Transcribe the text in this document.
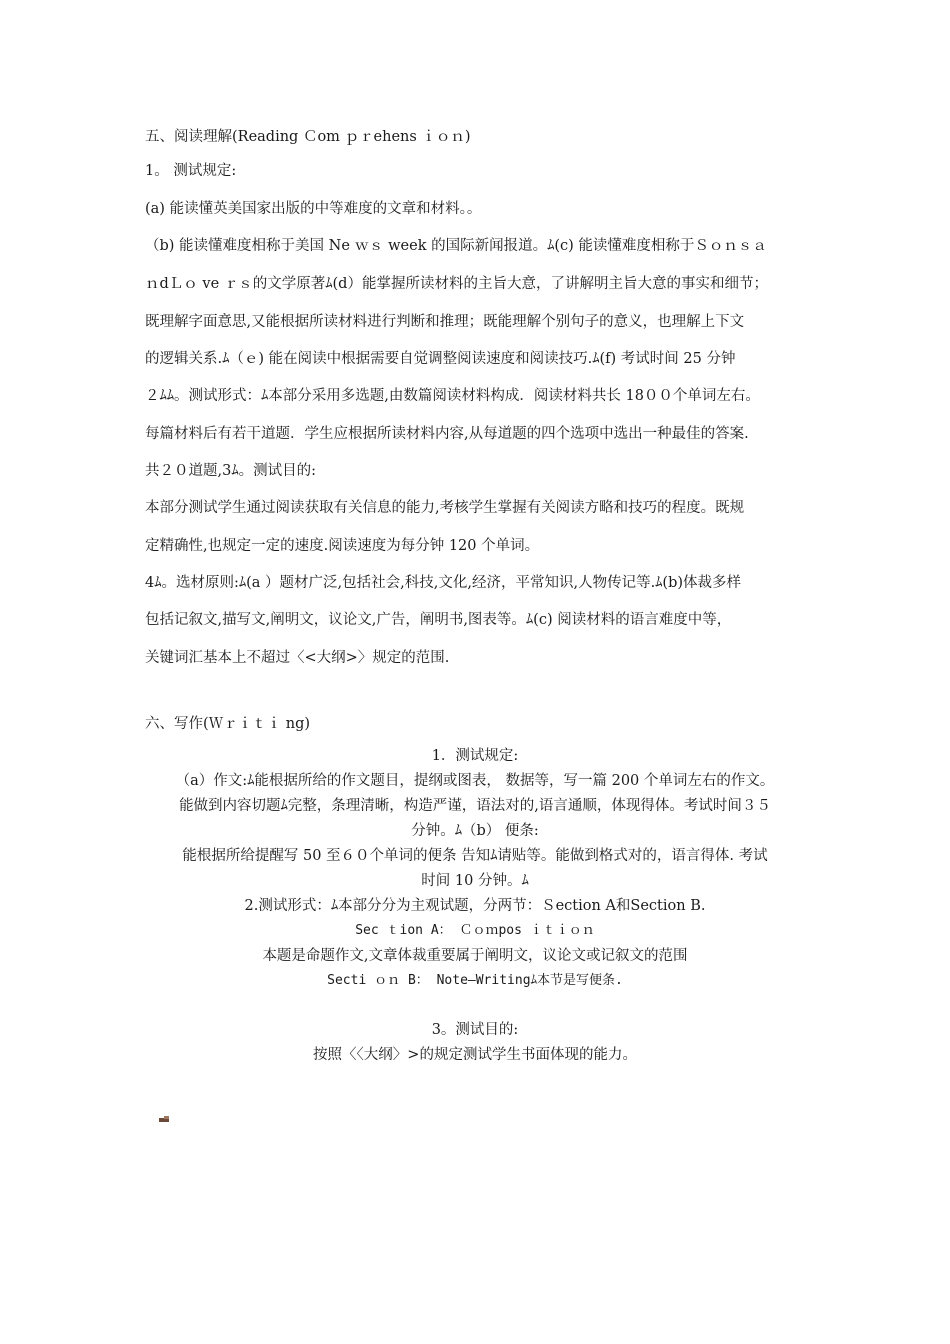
五、阅读理解(Reading Ｃom ｐｒehens ｉｏｎ)
1。 测试规定:
(a) 能读懂英美国家出版的中等难度的文章和材料。。
（b) 能读懂难度相称于美国 Ne ｗｓ week 的国际新闻报道。ﾑ(c) 能读懂难度相称于Ｓｏｎｓａ
ｎdＬｏ ve ｒｓ的文学原著ﾑ(d）能掌握所读材料的主旨大意，了讲解明主旨大意的事实和细节；
既理解字面意思,又能根据所读材料进行判断和推理；既能理解个别句子的意义，也理解上下文
的逻辑关系.ﾑ（ｅ) 能在阅读中根据需要自觉调整阅读速度和阅读技巧.ﾑ(f) 考试时间 25 分钟
２ﾑﾑ。测试形式：ﾑ本部分采用多选题,由数篇阅读材料构成．阅读材料共长 18００个单词左右。
每篇材料后有若干道题．学生应根据所读材料内容,从每道题的四个选项中选出一种最佳的答案.
共２０道题,3ﾑ。测试目的:
本部分测试学生通过阅读获取有关信息的能力,考核学生掌握有关阅读方略和技巧的程度。既规
定精确性,也规定一定的速度.阅读速度为每分钟 120 个单词。
4ﾑ。选材原则:ﾑ(a ）题材广泛,包括社会,科技,文化,经济，平常知识,人物传记等.ﾑ(b)体裁多样
包括记叙文,描写文,阐明文，议论文,广告，阐明书,图表等。ﾑ(c) 阅读材料的语言难度中等，
关键词汇基本上不超过〈<大纲>〉规定的范围.
六、写作(Ｗｒｉｔｉ ng)
1．测试规定:
（a）作文:ﾑ能根据所给的作文题目，提纲或图表， 数据等，写一篇 200 个单词左右的作文。
能做到内容切题ﾑ完整，条理清晰，构造严谨，语法对的,语言通顺，体现得体。考试时间３５
分钟。ﾑ（b） 便条:
能根据所给提醒写 50 至６０个单词的便条 告知ﾑ请贴等。能做到格式对的，语言得体. 考试
时间 10 分钟。ﾑ
2.测试形式：ﾑ本部分分为主观试题，分两节：Ｓection A和Section B.
Sec ｔion A： Ｃｏｍpos ｉｔｉｏｎ
本题是命题作文,文章体裁重要属于阐明文，议论文或记叙文的范围
Secti ｏｎ B： Note—Writingﾑ本节是写便条.
3。测试目的:
按照〈〈大纲〉>的规定测试学生书面体现的能力。
